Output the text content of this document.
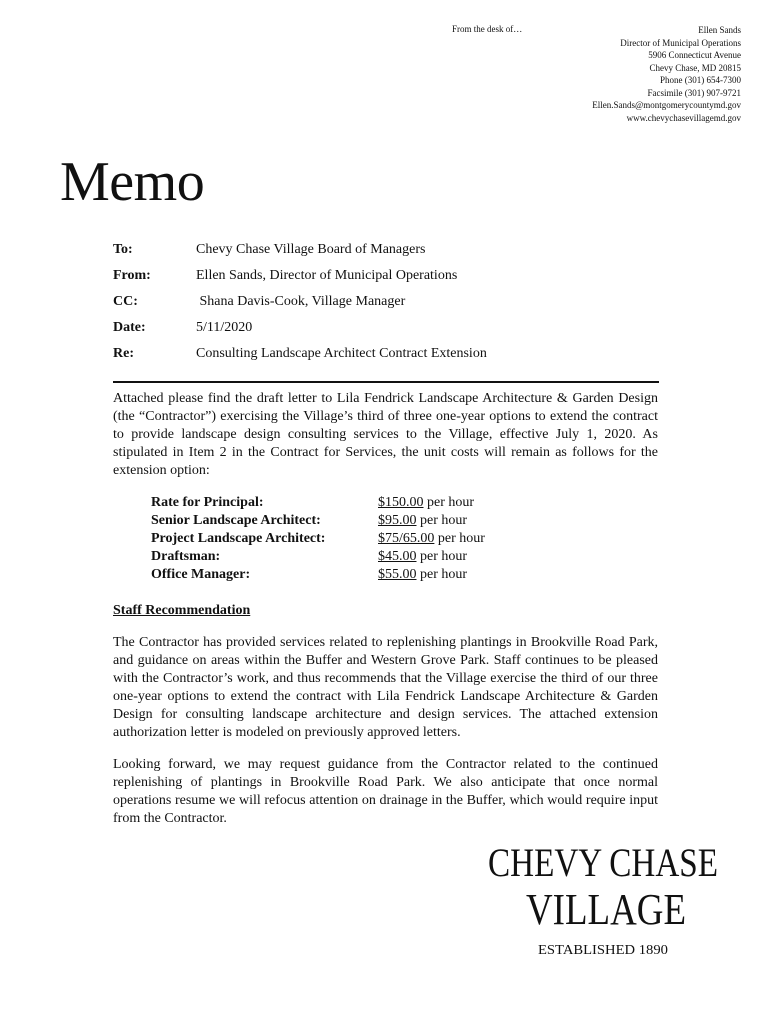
From the desk of…	Ellen Sands
Director of Municipal Operations
5906 Connecticut Avenue
Chevy Chase, MD 20815
Phone (301) 654-7300
Facsimile (301) 907-9721
Ellen.Sands@montgomerycountymd.gov
www.chevychasevillagemd.gov
Memo
To:	Chevy Chase Village Board of Managers
From:	Ellen Sands, Director of Municipal Operations
CC:	Shana Davis-Cook, Village Manager
Date:	5/11/2020
Re:	Consulting Landscape Architect Contract Extension

Attached please find the draft letter to Lila Fendrick Landscape Architecture & Garden Design (the “Contractor”) exercising the Village’s third of three one-year options to extend the contract to provide landscape design consulting services to the Village, effective July 1, 2020. As stipulated in Item 2 in the Contract for Services, the unit costs will remain as follows for the extension option:

Rate for Principal:	$150.00 per hour
Senior Landscape Architect:	$95.00 per hour
Project Landscape Architect:	$75/65.00 per hour
Draftsman:	$45.00 per hour
Office Manager:	$55.00 per hour
Staff Recommendation

The Contractor has provided services related to replenishing plantings in Brookville Road Park, and guidance on areas within the Buffer and Western Grove Park. Staff continues to be pleased with the Contractor’s work, and thus recommends that the Village exercise the third of our three one-year options to extend the contract with Lila Fendrick Landscape Architecture & Garden Design for consulting landscape architecture and design services. The attached extension authorization letter is modeled on previously approved letters.

Looking forward, we may request guidance from the Contractor related to the continued replenishing of plantings in Brookville Road Park. We also anticipate that once normal operations resume we will refocus attention on drainage in the Buffer, which would require input from the Contractor.

CHEVY CHASE
VILLAGE
ESTABLISHED 1890
